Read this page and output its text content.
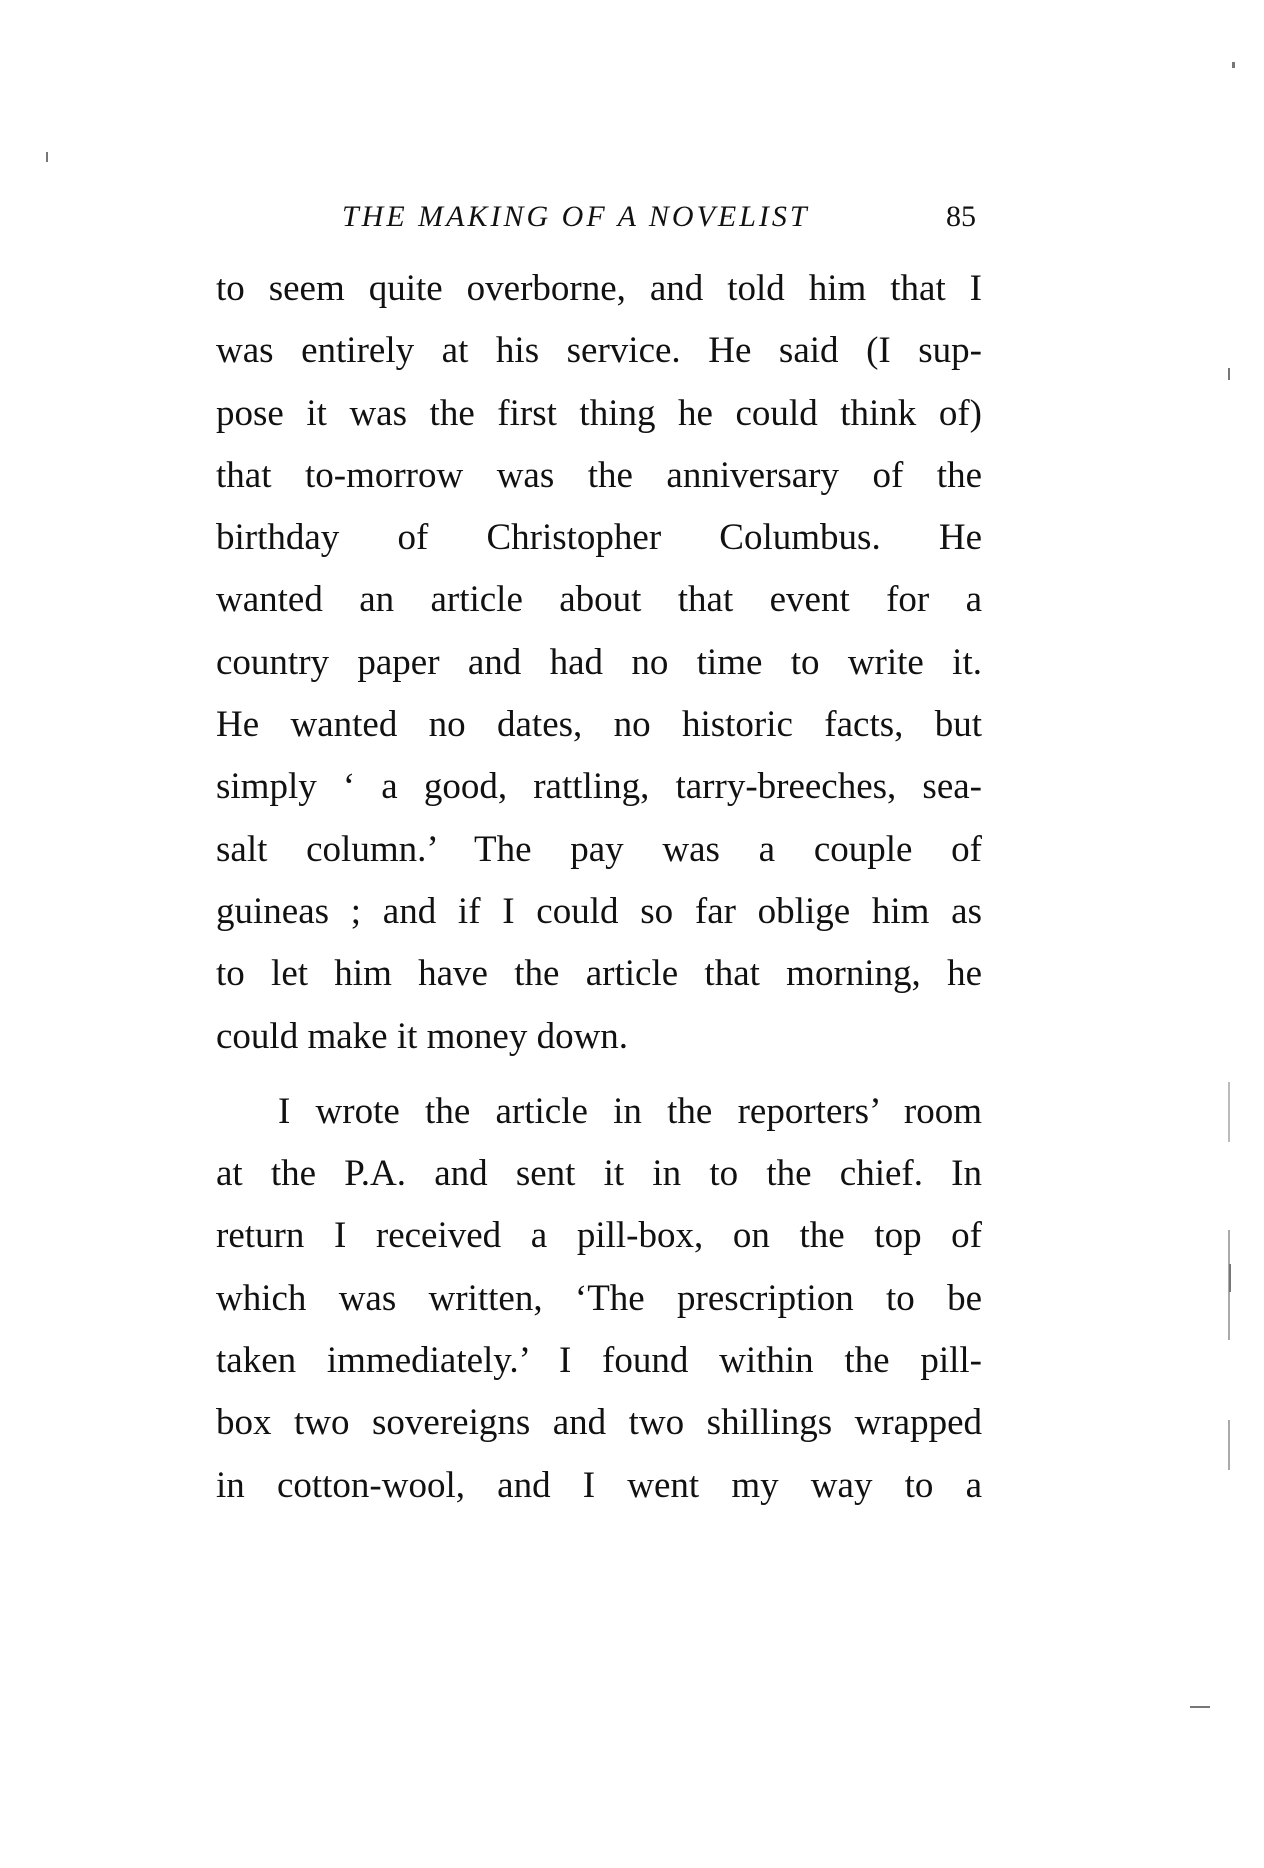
THE MAKING OF A NOVELIST	85
to seem quite overborne, and told him that I
was entirely at his service. He said (I sup-
pose it was the first thing he could think of)
that to-morrow was the anniversary of the
birthday of Christopher Columbus. He
wanted an article about that event for a
country paper and had no time to write it.
He wanted no dates, no historic facts, but
simply ‘ a good, rattling, tarry-breeches, sea-
salt column.’ The pay was a couple of
guineas ; and if I could so far oblige him as
to let him have the article that morning, he
could make it money down.
I wrote the article in the reporters’ room
at the P.A. and sent it in to the chief. In
return I received a pill-box, on the top of
which was written, ‘The prescription to be
taken immediately.’ I found within the pill-
box two sovereigns and two shillings wrapped
in cotton-wool, and I went my way to a
